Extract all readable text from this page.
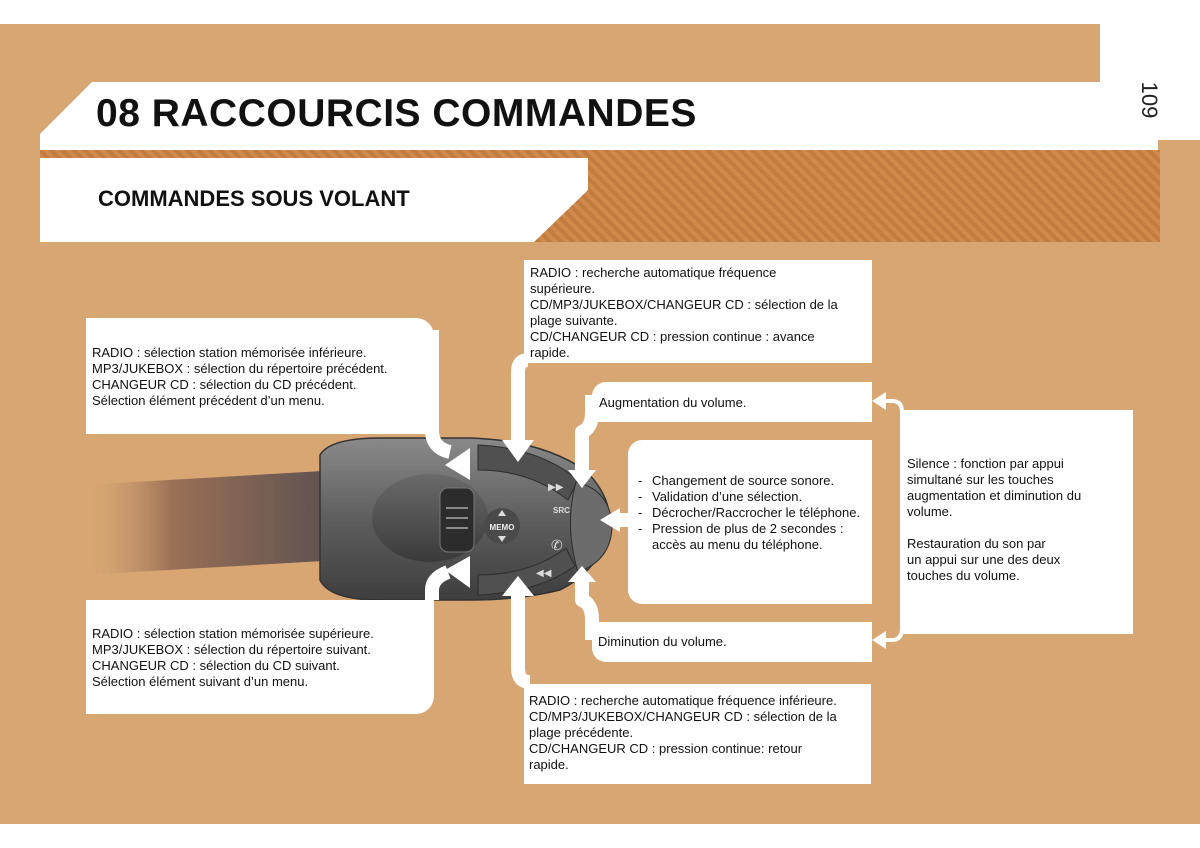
109
MEMO
▶▶
◀◀
SRC
✆
08 RACCOURCIS COMMANDES
COMMANDES SOUS VOLANT

RADIO : sélection station mémorisée inférieure.

MP3/JUKEBOX : sélection du répertoire précédent.

CHANGEUR CD : sélection du CD précédent.

Sélection élément précédent d’un menu.

RADIO : sélection station mémorisée supérieure.

MP3/JUKEBOX : sélection du répertoire suivant.

CHANGEUR CD : sélection du CD suivant.

Sélection élément suivant d’un menu.

RADIO : recherche automatique fréquence

supérieure.

CD/MP3/JUKEBOX/CHANGEUR CD : sélection de la

plage suivante.

CD/CHANGEUR CD : pression continue : avance

rapide.

RADIO : recherche automatique fréquence inférieure.

CD/MP3/JUKEBOX/CHANGEUR CD : sélection de la

plage précédente.

CD/CHANGEUR CD : pression continue: retour

rapide.

Augmentation du volume.

Diminution du volume.

- Changement de source sonore.
- Validation d’une sélection.
- Décrocher/Raccrocher le téléphone.
- Pression de plus de 2 secondes : accès au menu du téléphone.

Silence : fonction par appui

simultané sur les touches

augmentation et diminution du

volume.

Restauration du son par

un appui sur une des deux

touches du volume.
